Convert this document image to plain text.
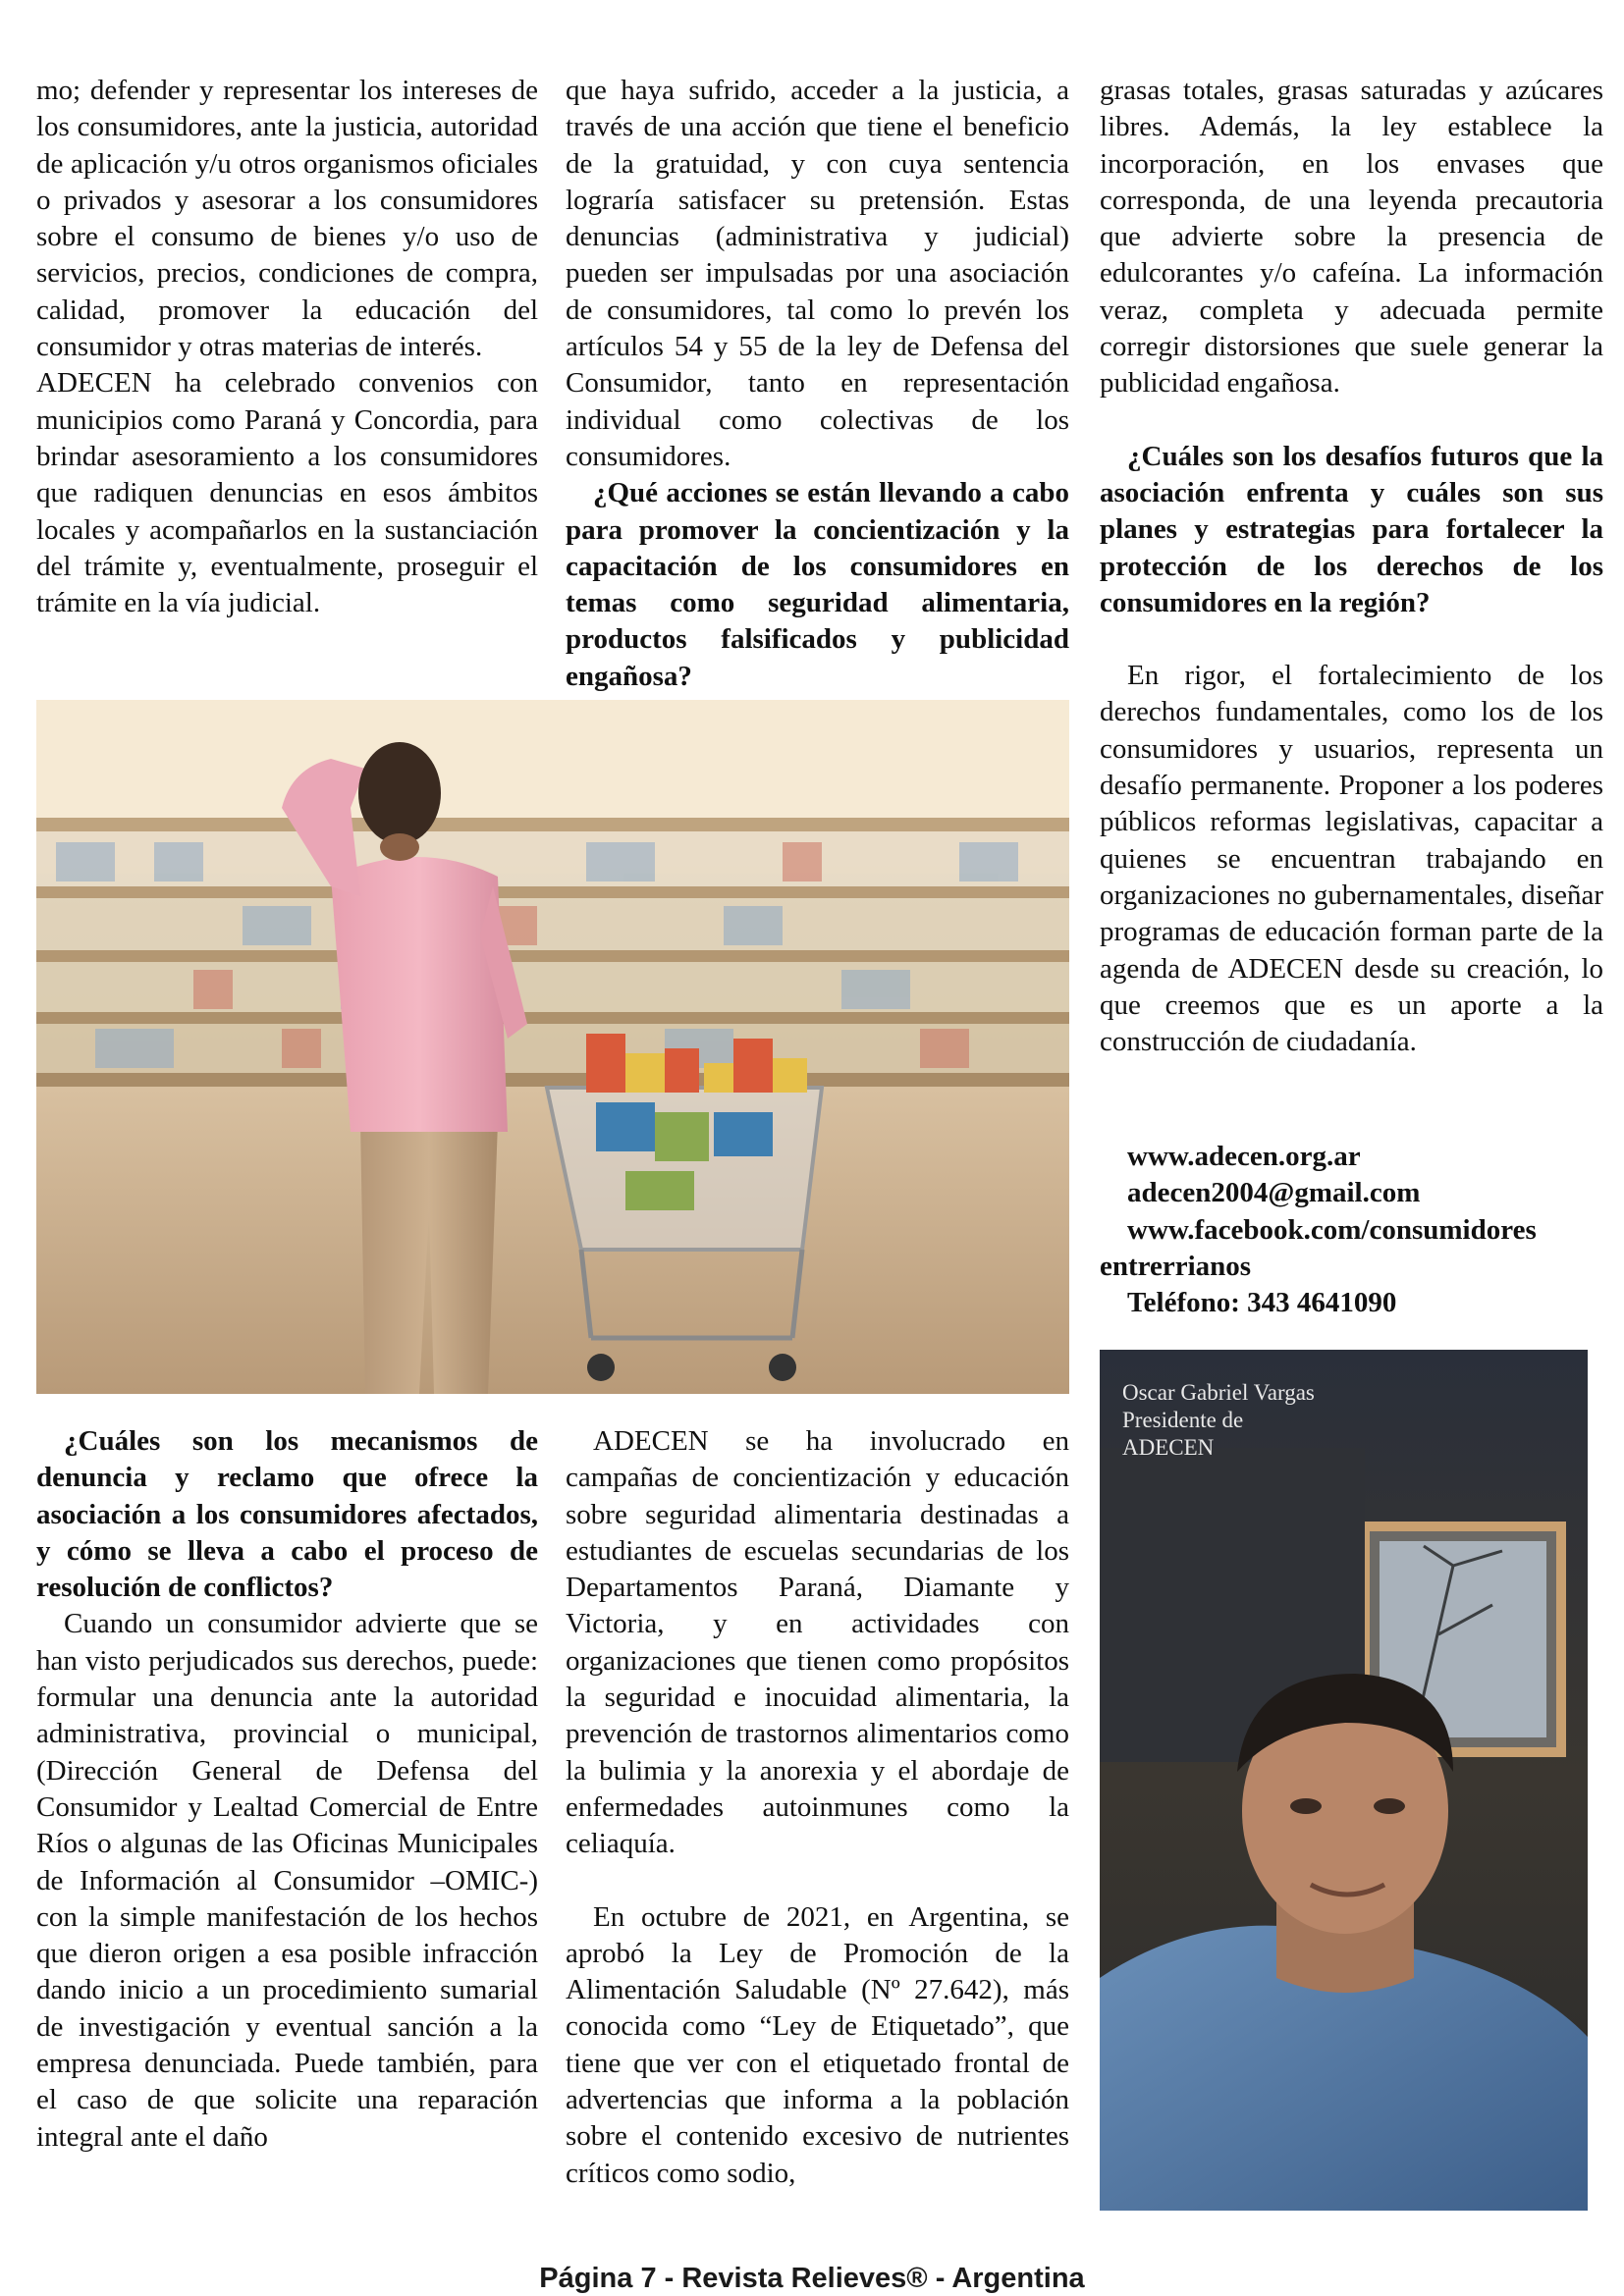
mo; defender y representar los intereses de los consumidores, ante la justicia, autoridad de aplicación y/u otros organismos oficiales o privados y asesorar a los consumidores sobre el consumo de bienes y/o uso de servicios, precios, condiciones de compra, calidad, promover la educación del consumidor y otras materias de interés.

ADECEN ha celebrado convenios con municipios como Paraná y Concordia, para brindar asesoramiento a los consumidores que radiquen denuncias en esos ámbitos locales y acompañarlos en la sustanciación del trámite y, eventualmente, proseguir el trámite en la vía judicial.

que haya sufrido, acceder a la justicia, a través de una acción que tiene el beneficio de la gratuidad, y con cuya sentencia lograría satisfacer su pretensión. Estas denuncias (administrativa y judicial) pueden ser impulsadas por una asociación de consumidores, tal como lo prevén los artículos 54 y 55 de la ley de Defensa del Consumidor, tanto en representación individual como colectivas de los consumidores.

¿Qué acciones se están llevando a cabo para promover la concientización y la capacitación de los consumidores en temas como seguridad alimentaria, productos falsificados y publicidad engañosa?

grasas totales, grasas saturadas y azúcares libres. Además, la ley establece la incorporación, en los envases que corresponda, de una leyenda precautoria que advierte sobre la presencia de edulcorantes y/o cafeína. La información veraz, completa y adecuada permite corregir distorsiones que suele generar la publicidad engañosa.

¿Cuáles son los desafíos futuros que la asociación enfrenta y cuáles son sus planes y estrategias para fortalecer la protección de los derechos de los consumidores en la región?

En rigor, el fortalecimiento de los derechos fundamentales, como los de los consumidores y usuarios, representa un desafío permanente. Proponer a los poderes públicos reformas legislativas, capacitar a quienes se encuentran trabajando en organizaciones no gubernamentales, diseñar programas de educación forman parte de la agenda de ADECEN desde su creación, lo que creemos que es un aporte a la construcción de ciudadanía.

www.adecen.org.ar
adecen2004@gmail.com
www.facebook.com/consumidores
entrerrianos
Teléfono: 343 4641090

¿Cuáles son los mecanismos de denuncia y reclamo que ofrece la asociación a los consumidores afectados, y cómo se lleva a cabo el proceso de resolución de conflictos?

Cuando un consumidor advierte que se han visto perjudicados sus derechos, puede: formular una denuncia ante la autoridad administrativa, provincial o municipal, (Dirección General de Defensa del Consumidor y Lealtad Comercial de Entre Ríos o algunas de las Oficinas Municipales de Información al Consumidor –OMIC-) con la simple manifestación de los hechos que dieron origen a esa posible infracción dando inicio a un procedimiento sumarial de investigación y eventual sanción a la empresa denunciada. Puede también, para el caso de que solicite una reparación integral ante el daño

ADECEN se ha involucrado en campañas de concientización y educación sobre seguridad alimentaria destinadas a estudiantes de escuelas secundarias de los Departamentos Paraná, Diamante y Victoria, y en actividades con organizaciones que tienen como propósitos la seguridad e inocuidad alimentaria, la prevención de trastornos alimentarios como la bulimia y la anorexia y el abordaje de enfermedades autoinmunes como la celiaquía.

En octubre de 2021, en Argentina, se aprobó la Ley de Promoción de la Alimentación Saludable (Nº 27.642), más conocida como “Ley de Etiquetado”, que tiene que ver con el etiquetado frontal de advertencias que informa a la población sobre el contenido excesivo de nutrientes críticos como sodio,

Oscar Gabriel Vargas
Presidente de
ADECEN
Página 7 - Revista Relieves® - Argentina
